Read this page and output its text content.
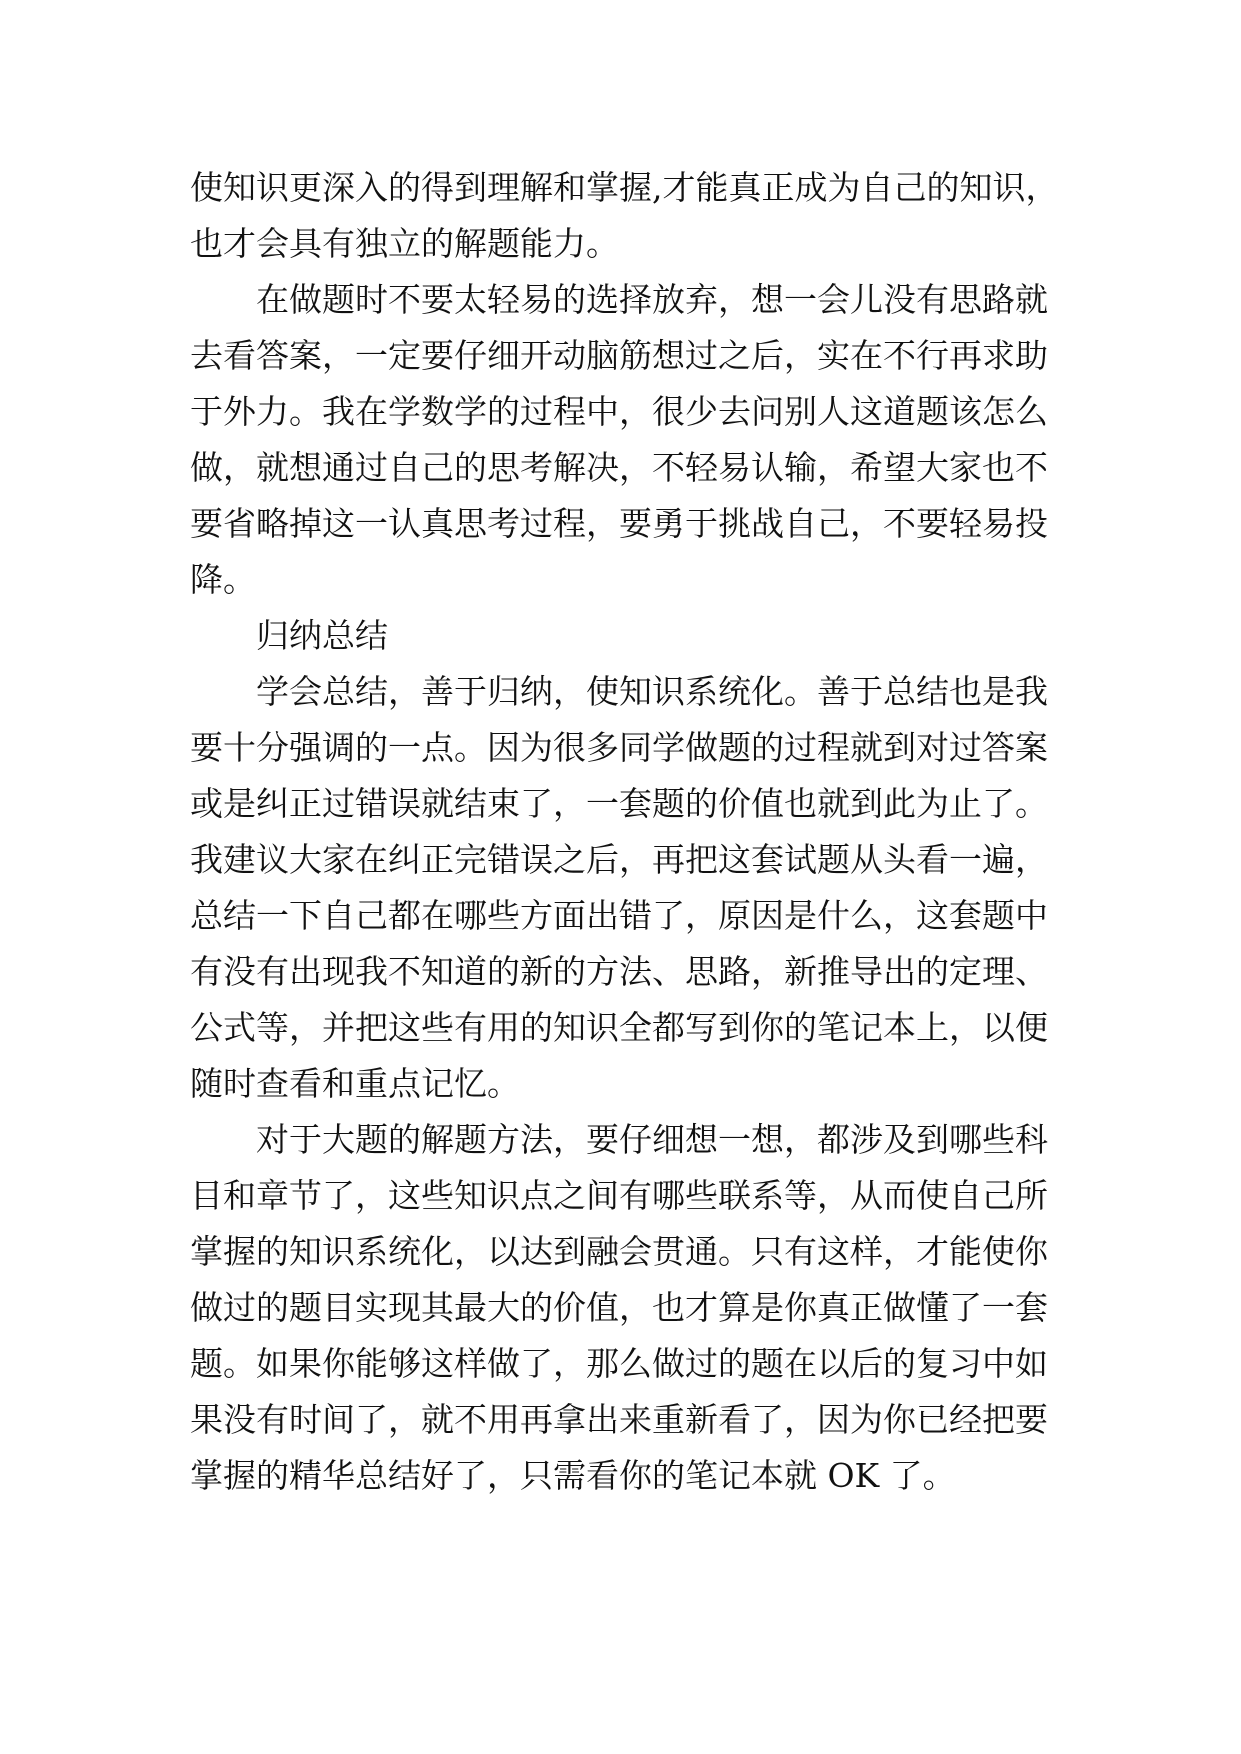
使知识更深入的得到理解和掌握,才能真正成为自己的知识，
也才会具有独立的解题能力。
在做题时不要太轻易的选择放弃，想一会儿没有思路就
去看答案，一定要仔细开动脑筋想过之后，实在不行再求助
于外力。我在学数学的过程中，很少去问别人这道题该怎么
做，就想通过自己的思考解决，不轻易认输，希望大家也不
要省略掉这一认真思考过程，要勇于挑战自己，不要轻易投
降。
归纳总结
学会总结，善于归纳，使知识系统化。善于总结也是我
要十分强调的一点。因为很多同学做题的过程就到对过答案
或是纠正过错误就结束了，一套题的价值也就到此为止了。
我建议大家在纠正完错误之后，再把这套试题从头看一遍，
总结一下自己都在哪些方面出错了，原因是什么，这套题中
有没有出现我不知道的新的方法、思路，新推导出的定理、
公式等，并把这些有用的知识全都写到你的笔记本上，以便
随时查看和重点记忆。
对于大题的解题方法，要仔细想一想，都涉及到哪些科
目和章节了，这些知识点之间有哪些联系等，从而使自己所
掌握的知识系统化，以达到融会贯通。只有这样，才能使你
做过的题目实现其最大的价值，也才算是你真正做懂了一套
题。如果你能够这样做了，那么做过的题在以后的复习中如
果没有时间了，就不用再拿出来重新看了，因为你已经把要
掌握的精华总结好了，只需看你的笔记本就 OK 了。
